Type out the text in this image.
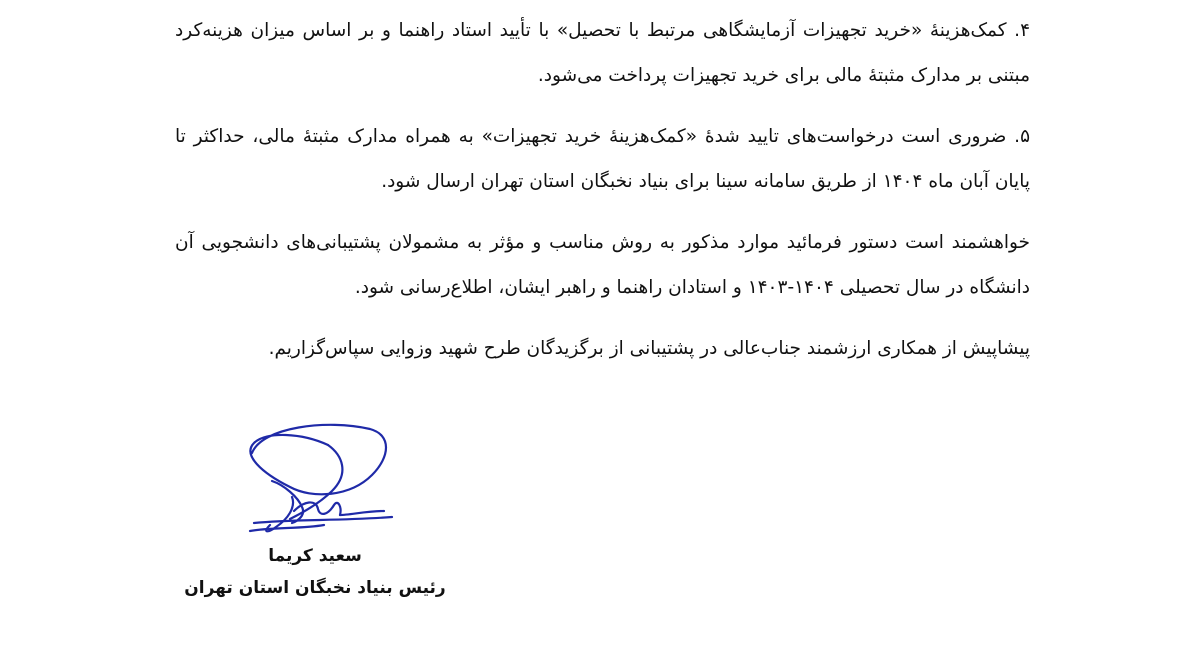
۴. کمک‌هزینهٔ «خرید تجهیزات آزمایشگاهی مرتبط با تحصیل» با تأیید استاد راهنما و بر اساس میزان هزینه‌کرد مبتنی بر مدارک مثبتهٔ مالی برای خرید تجهیزات پرداخت می‌شود.

۵. ضروری است درخواست‌های تایید شدهٔ «کمک‌هزینهٔ خرید تجهیزات» به همراه مدارک مثبتهٔ مالی، حداکثر تا پایان آبان ماه ۱۴۰۴ از طریق سامانه سینا برای بنیاد نخبگان استان تهران ارسال شود.

خواهشمند است دستور فرمائید موارد مذکور به روش مناسب و مؤثر به مشمولان پشتیبانی‌های دانشجویی آن دانشگاه در سال تحصیلی ۱۴۰۴-۱۴۰۳ و استادان راهنما و راهبر ایشان، اطلاع‌رسانی شود.

پیشاپیش از همکاری ارزشمند جناب‌عالی در پشتیبانی از برگزیدگان طرح شهید وزوایی سپاس‌گزاریم.

سعید کریما
رئیس بنیاد نخبگان استان تهران
